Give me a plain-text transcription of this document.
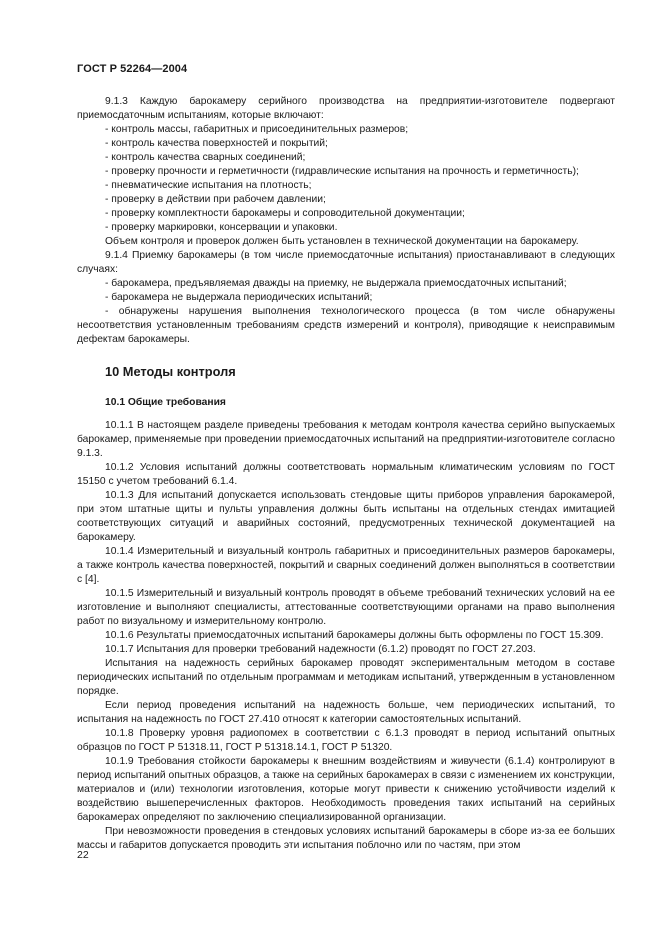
ГОСТ Р 52264—2004

9.1.3 Каждую барокамеру серийного производства на предприятии-изготовителе подвергают приемосдаточным испытаниям, которые включают:

- контроль массы, габаритных и присоединительных размеров;

- контроль качества поверхностей и покрытий;

- контроль качества сварных соединений;

- проверку прочности и герметичности (гидравлические испытания на прочность и герметичность);

- пневматические испытания на плотность;

- проверку в действии при рабочем давлении;

- проверку комплектности барокамеры и сопроводительной документации;

- проверку маркировки, консервации и упаковки.

Объем контроля и проверок должен быть установлен в технической документации на барокамеру.

9.1.4 Приемку барокамеры (в том числе приемосдаточные испытания) приостанавливают в следующих случаях:

- барокамера, предъявляемая дважды на приемку, не выдержала приемосдаточных испытаний;

- барокамера не выдержала периодических испытаний;

- обнаружены нарушения выполнения технологического процесса (в том числе обнаружены несоответствия установленным требованиям средств измерений и контроля), приводящие к неисправимым дефектам барокамеры.

10 Методы контроля
10.1 Общие требования

10.1.1 В настоящем разделе приведены требования к методам контроля качества серийно выпускаемых барокамер, применяемые при проведении приемосдаточных испытаний на предприятии-изготовителе согласно 9.1.3.

10.1.2 Условия испытаний должны соответствовать нормальным климатическим условиям по ГОСТ 15150 с учетом требований 6.1.4.

10.1.3 Для испытаний допускается использовать стендовые щиты приборов управления барокамерой, при этом штатные щиты и пульты управления должны быть испытаны на отдельных стендах имитацией соответствующих ситуаций и аварийных состояний, предусмотренных технической документацией на барокамеру.

10.1.4 Измерительный и визуальный контроль габаритных и присоединительных размеров барокамеры, а также контроль качества поверхностей, покрытий и сварных соединений должен выполняться в соответствии с [4].

10.1.5 Измерительный и визуальный контроль проводят в объеме требований технических условий на ее изготовление и выполняют специалисты, аттестованные соответствующими органами на право выполнения работ по визуальному и измерительному контролю.

10.1.6 Результаты приемосдаточных испытаний барокамеры должны быть оформлены по ГОСТ 15.309.

10.1.7 Испытания для проверки требований надежности (6.1.2) проводят по ГОСТ 27.203.

Испытания на надежность серийных барокамер проводят экспериментальным методом в составе периодических испытаний по отдельным программам и методикам испытаний, утвержденным в установленном порядке.

Если период проведения испытаний на надежность больше, чем периодических испытаний, то испытания на надежность по ГОСТ 27.410 относят к категории самостоятельных испытаний.

10.1.8 Проверку уровня радиопомех в соответствии с 6.1.3 проводят в период испытаний опытных образцов по ГОСТ Р 51318.11, ГОСТ Р 51318.14.1, ГОСТ Р 51320.

10.1.9 Требования стойкости барокамеры к внешним воздействиям и живучести (6.1.4) контролируют в период испытаний опытных образцов, а также на серийных барокамерах в связи с изменением их конструкции, материалов и (или) технологии изготовления, которые могут привести к снижению устойчивости изделий к воздействию вышеперечисленных факторов. Необходимость проведения таких испытаний на серийных барокамерах определяют по заключению специализированной организации.

При невозможности проведения в стендовых условиях испытаний барокамеры в сборе из-за ее больших массы и габаритов допускается проводить эти испытания поблочно или по частям, при этом

22
